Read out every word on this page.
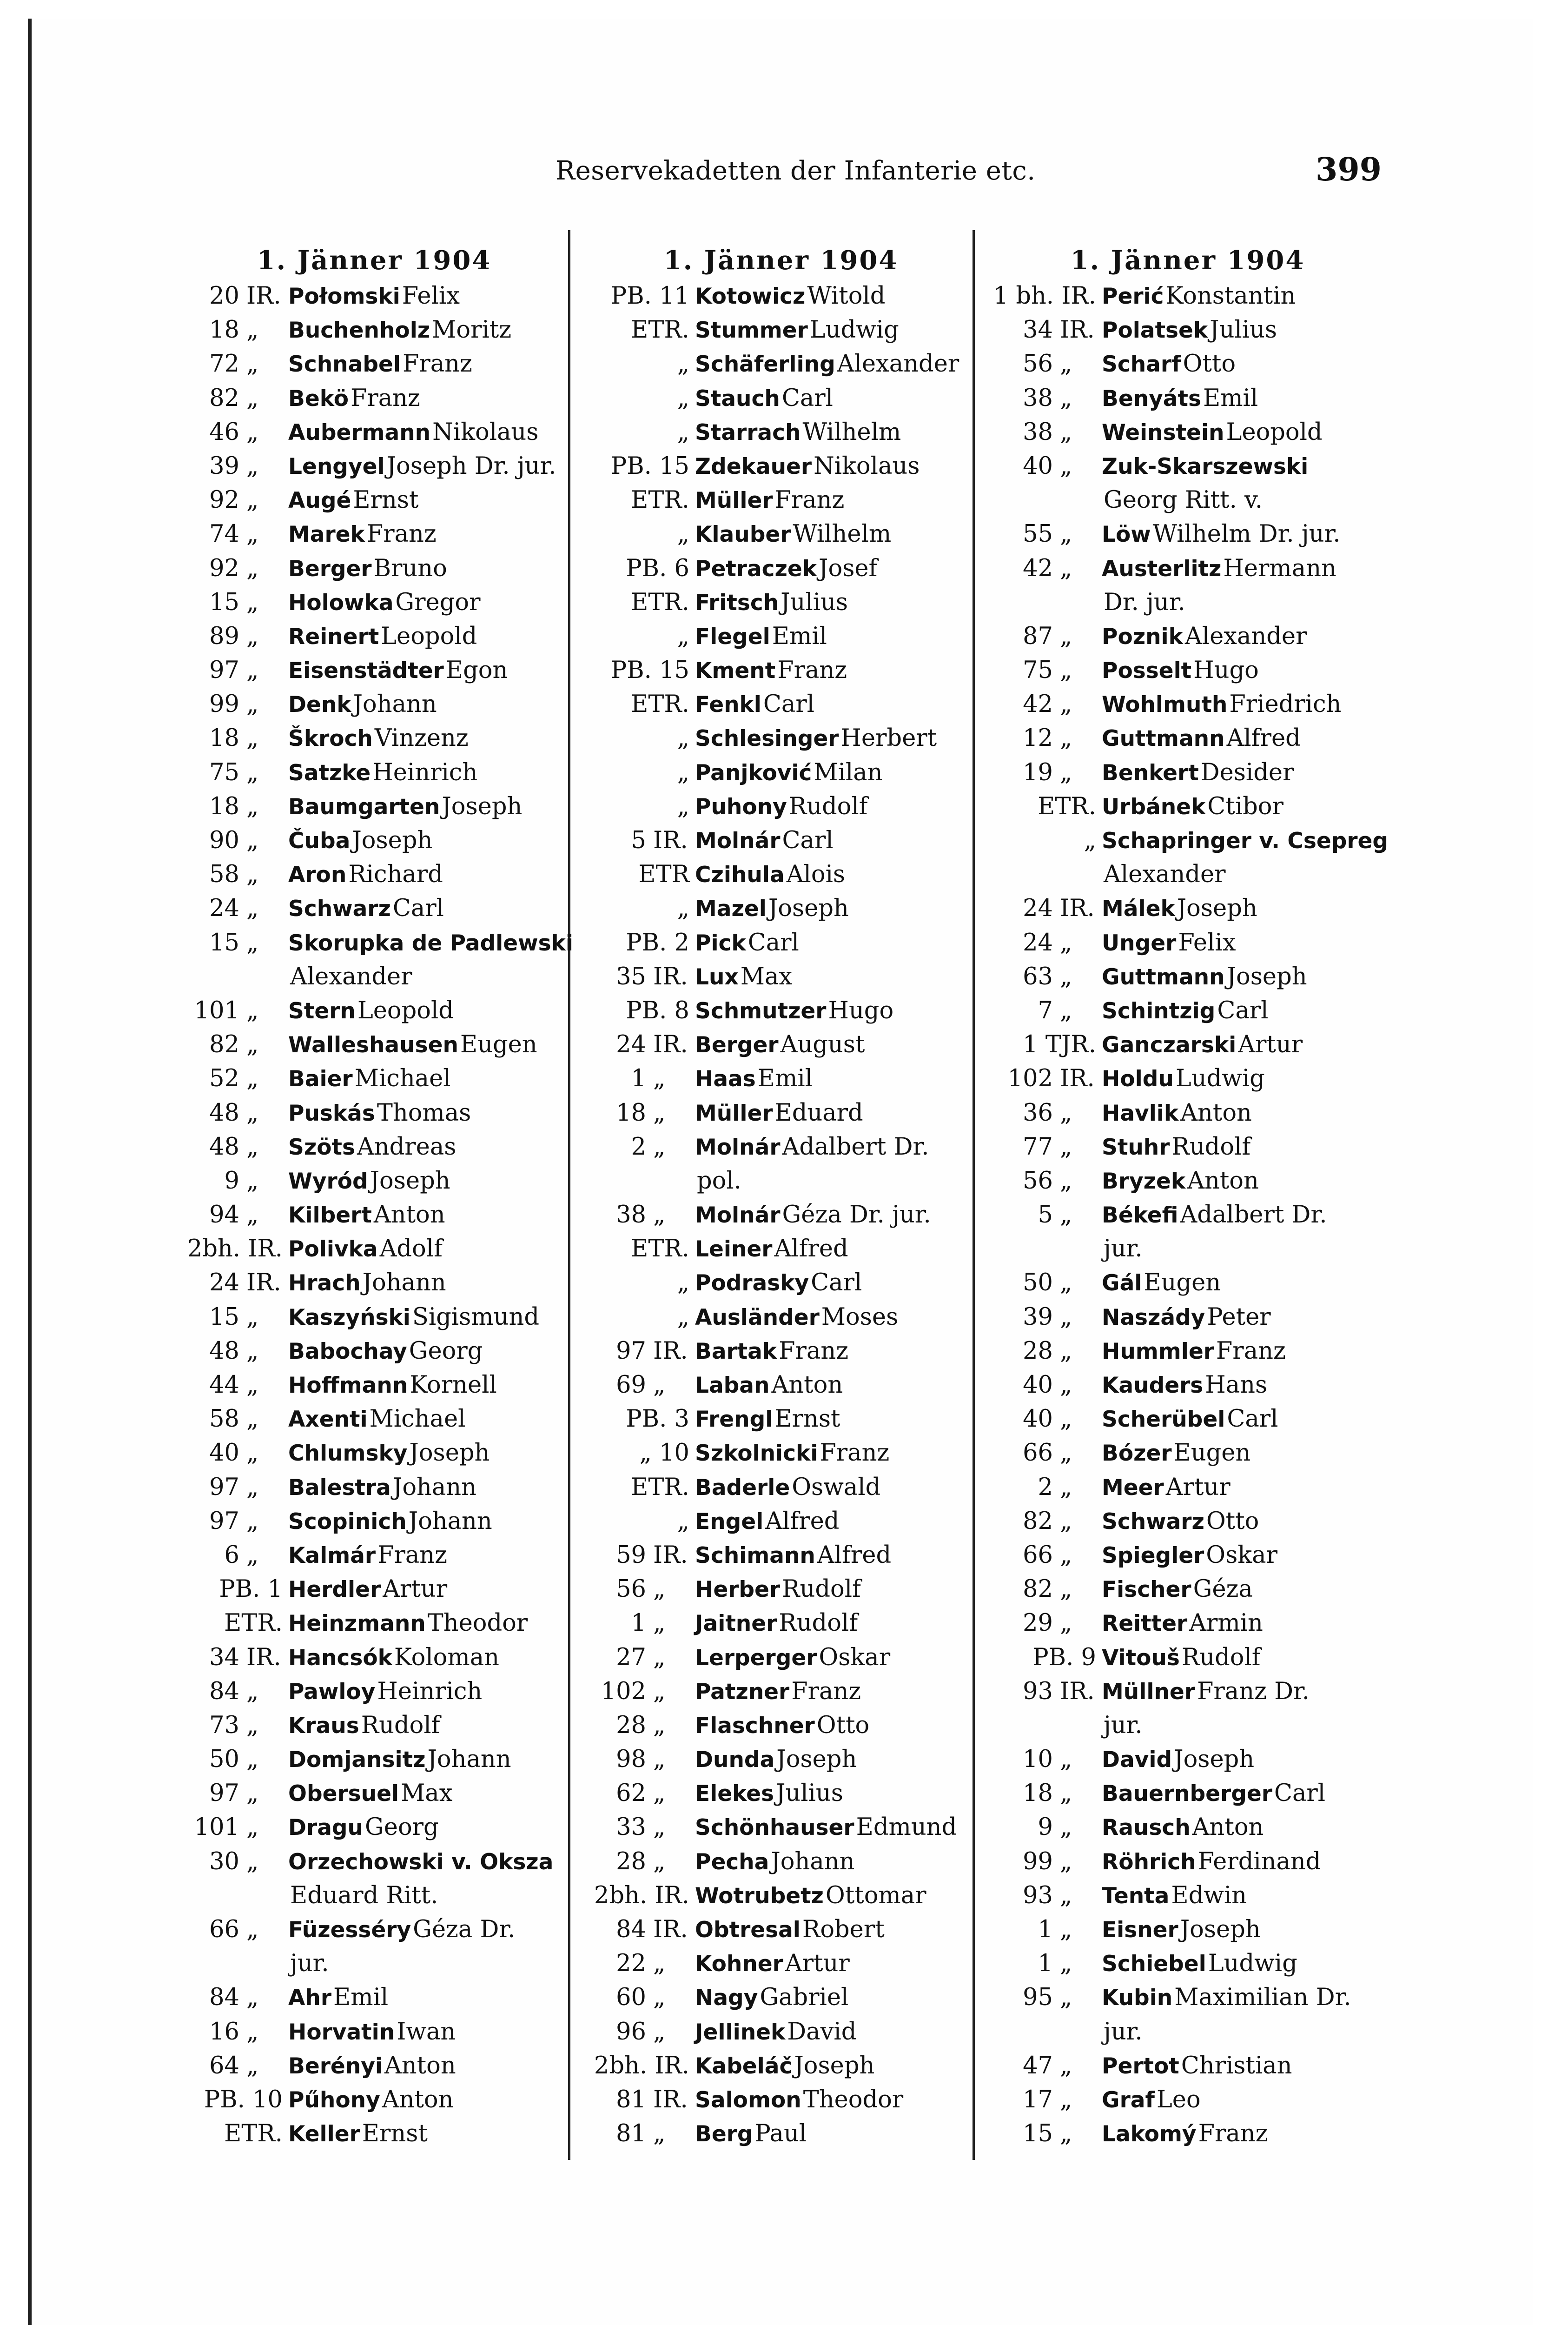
Reservekadetten der Infanterie etc.	399
1. Jänner 1904
20 IR. PołomskiFelix
18 „ BuchenholzMoritz
72 „ SchnabelFranz
82 „ BeköFranz
46 „ AubermannNikolaus
39 „ LengyelJoseph Dr. jur.
92 „ AugéErnst
74 „ MarekFranz
92 „ BergerBruno
15 „ HolowkaGregor
89 „ ReinertLeopold
97 „ EisenstädterEgon
99 „ DenkJohann
18 „ ŠkrochVinzenz
75 „ SatzkeHeinrich
18 „ BaumgartenJoseph
90 „ ČubaJoseph
58 „ AronRichard
24 „ SchwarzCarl
15 „ Skorupka de Padlewski
Alexander
101 „ SternLeopold
82 „ WalleshausenEugen
52 „ BaierMichael
48 „ PuskásThomas
48 „ SzötsAndreas
9 „ WyródJoseph
94 „ KilbertAnton
2bh. IR. PolivkaAdolf
24 IR. HrachJohann
15 „ KaszyńskiSigismund
48 „ BabochayGeorg
44 „ HoffmannKornell
58 „ AxentiMichael
40 „ ChlumskyJoseph
97 „ BalestraJohann
97 „ ScopinichJohann
6 „ KalmárFranz
PB. 1 HerdlerArtur
ETR. HeinzmannTheodor
34 IR. HancsókKoloman
84 „ PawloyHeinrich
73 „ KrausRudolf
50 „ DomjansitzJohann
97 „ ObersuelMax
101 „ DraguGeorg
30 „ Orzechowski v. Oksza
Eduard Ritt.
66 „ FüzesséryGéza Dr.
jur.
84 „ AhrEmil
16 „ HorvatinIwan
64 „ BerényiAnton
PB. 10 PűhonyAnton
ETR. KellerErnst
1. Jänner 1904
PB. 11 KotowiczWitold
ETR. StummerLudwig
„ SchäferlingAlexander
„ StauchCarl
„ StarrachWilhelm
PB. 15 ZdekauerNikolaus
ETR. MüllerFranz
„ KlauberWilhelm
PB. 6 PetraczekJosef
ETR. FritschJulius
„ FlegelEmil
PB. 15 KmentFranz
ETR. FenklCarl
„ SchlesingerHerbert
„ PanjkovićMilan
„ PuhonyRudolf
5 IR. MolnárCarl
ETR CzihulaAlois
„ MazelJoseph
PB. 2 PickCarl
35 IR. LuxMax
PB. 8 SchmutzerHugo
24 IR. BergerAugust
1 „ HaasEmil
18 „ MüllerEduard
2 „ MolnárAdalbert Dr.
pol.
38 „ MolnárGéza Dr. jur.
ETR. LeinerAlfred
„ PodraskyCarl
„ AusländerMoses
97 IR. BartakFranz
69 „ LabanAnton
PB. 3 FrenglErnst
„ 10 SzkolnickiFranz
ETR. BaderleOswald
„ EngelAlfred
59 IR. SchimannAlfred
56 „ HerberRudolf
1 „ JaitnerRudolf
27 „ LerpergerOskar
102 „ PatznerFranz
28 „ FlaschnerOtto
98 „ DundaJoseph
62 „ ElekesJulius
33 „ SchönhauserEdmund
28 „ PechaJohann
2bh. IR. WotrubetzOttomar
84 IR. ObtresalRobert
22 „ KohnerArtur
60 „ NagyGabriel
96 „ JellinekDavid
2bh. IR. KabeláčJoseph
81 IR. SalomonTheodor
81 „ BergPaul
1. Jänner 1904
1 bh. IR. PerićKonstantin
34 IR. PolatsekJulius
56 „ ScharfOtto
38 „ BenyátsEmil
38 „ WeinsteinLeopold
40 „ Zuk-Skarszewski
Georg Ritt. v.
55 „ LöwWilhelm Dr. jur.
42 „ AusterlitzHermann
Dr. jur.
87 „ PoznikAlexander
75 „ PosseltHugo
42 „ WohlmuthFriedrich
12 „ GuttmannAlfred
19 „ BenkertDesider
ETR. UrbánekCtibor
„ Schapringer v. Csepreg
Alexander
24 IR. MálekJoseph
24 „ UngerFelix
63 „ GuttmannJoseph
7 „ SchintzigCarl
1 TJR. GanczarskiArtur
102 IR. HolduLudwig
36 „ HavlikAnton
77 „ StuhrRudolf
56 „ BryzekAnton
5 „ BékefiAdalbert Dr.
jur.
50 „ GálEugen
39 „ NaszádyPeter
28 „ HummlerFranz
40 „ KaudersHans
40 „ ScherübelCarl
66 „ BózerEugen
2 „ MeerArtur
82 „ SchwarzOtto
66 „ SpieglerOskar
82 „ FischerGéza
29 „ ReitterArmin
PB. 9 VitoušRudolf
93 IR. MüllnerFranz Dr.
jur.
10 „ DavidJoseph
18 „ BauernbergerCarl
9 „ RauschAnton
99 „ RöhrichFerdinand
93 „ TentaEdwin
1 „ EisnerJoseph
1 „ SchiebelLudwig
95 „ KubinMaximilian Dr.
jur.
47 „ PertotChristian
17 „ GrafLeo
15 „ LakomýFranz
